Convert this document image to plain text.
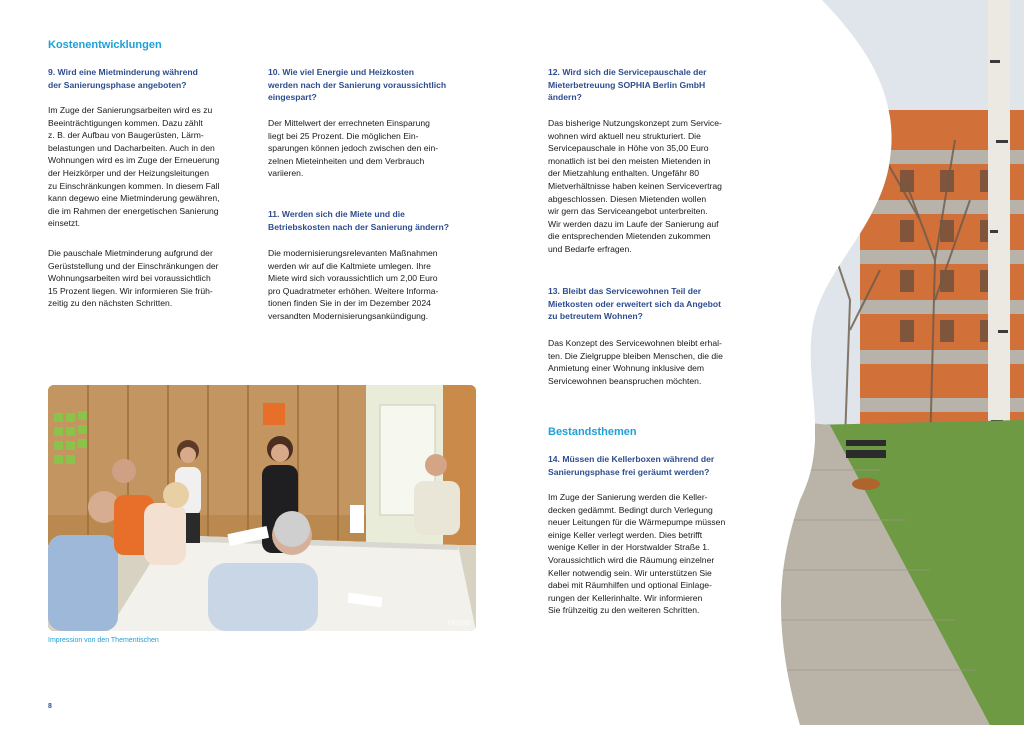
Kostenentwicklungen

9. Wird eine Mietminderung während
der Sanierungsphase angeboten?

Im Zuge der Sanierungsarbeiten wird es zu
Beeinträchtigungen kommen. Dazu zählt
z. B. der Aufbau von Baugerüsten, Lärm-
belastungen und Dacharbeiten. Auch in den
Wohnungen wird es im Zuge der Erneuerung
der Heizkörper und der Heizungsleitungen
zu Einschränkungen kommen. In diesem Fall
kann degewo eine Mietminderung gewähren,
die im Rahmen der energetischen Sanierung
einsetzt.

Die pauschale Mietminderung aufgrund der
Gerüststellung und der Einschränkungen der
Wohnungsarbeiten wird bei voraussichtlich
15 Prozent liegen. Wir informieren Sie früh-
zeitig zu den nächsten Schritten.

10. Wie viel Energie und Heizkosten
werden nach der Sanierung voraussichtlich
eingespart?

Der Mittelwert der errechneten Einsparung
liegt bei 25 Prozent. Die möglichen Ein-
sparungen können jedoch zwischen den ein-
zelnen Mieteinheiten und dem Verbrauch
variieren.

11. Werden sich die Miete und die
Betriebskosten nach der Sanierung ändern?

Die modernisierungsrelevanten Maßnahmen
werden wir auf die Kaltmiete umlegen. Ihre
Miete wird sich voraussichtlich um 2,00 Euro
pro Quadratmeter erhöhen. Weitere Informa-
tionen finden Sie in der im Dezember 2024
versandten Modernisierungsankündigung.

12. Wird sich die Servicepauschale der
Mieterbetreuung SOPHIA Berlin GmbH
ändern?

Das bisherige Nutzungskonzept zum Service-
wohnen wird aktuell neu strukturiert. Die
Servicepauschale in Höhe von 35,00 Euro
monatlich ist bei den meisten Mietenden in
der Mietzahlung enthalten. Ungefähr 80
Mietverhältnisse haben keinen Servicevertrag
abgeschlossen. Diesen Mietenden wollen
wir gern das Serviceangebot unterbreiten.
Wir werden dazu im Laufe der Sanierung auf
die entsprechenden Mietenden zukommen
und Bedarfe erfragen.

13. Bleibt das Servicewohnen Teil der
Mietkosten oder erweitert sich da Angebot
zu betreutem Wohnen?

Das Konzept des Servicewohnen bleibt erhal-
ten. Die Zielgruppe bleiben Menschen, die die
Anmietung einer Wohnung inklusive dem
Servicewohnen beanspruchen möchten.

Bestandsthemen

14. Müssen die Kellerboxen während der
Sanierungsphase frei geräumt werden?

Im Zuge der Sanierung werden die Keller-
decken gedämmt. Bedingt durch Verlegung
neuer Leitungen für die Wärmepumpe müssen
einige Keller verlegt werden. Dies betrifft
wenige Keller in der Horstwalder Straße 1.
Voraussichtlich wird die Räumung einzelner
Keller notwendig sein. Wir unterstützen Sie
dabei mit Räumhilfen und optional Einlage-
rungen der Kellerinhalte. Wir informieren
Sie frühzeitig zu den weiteren Schritten.

©KGMS
Impression von den Thementischen
8
